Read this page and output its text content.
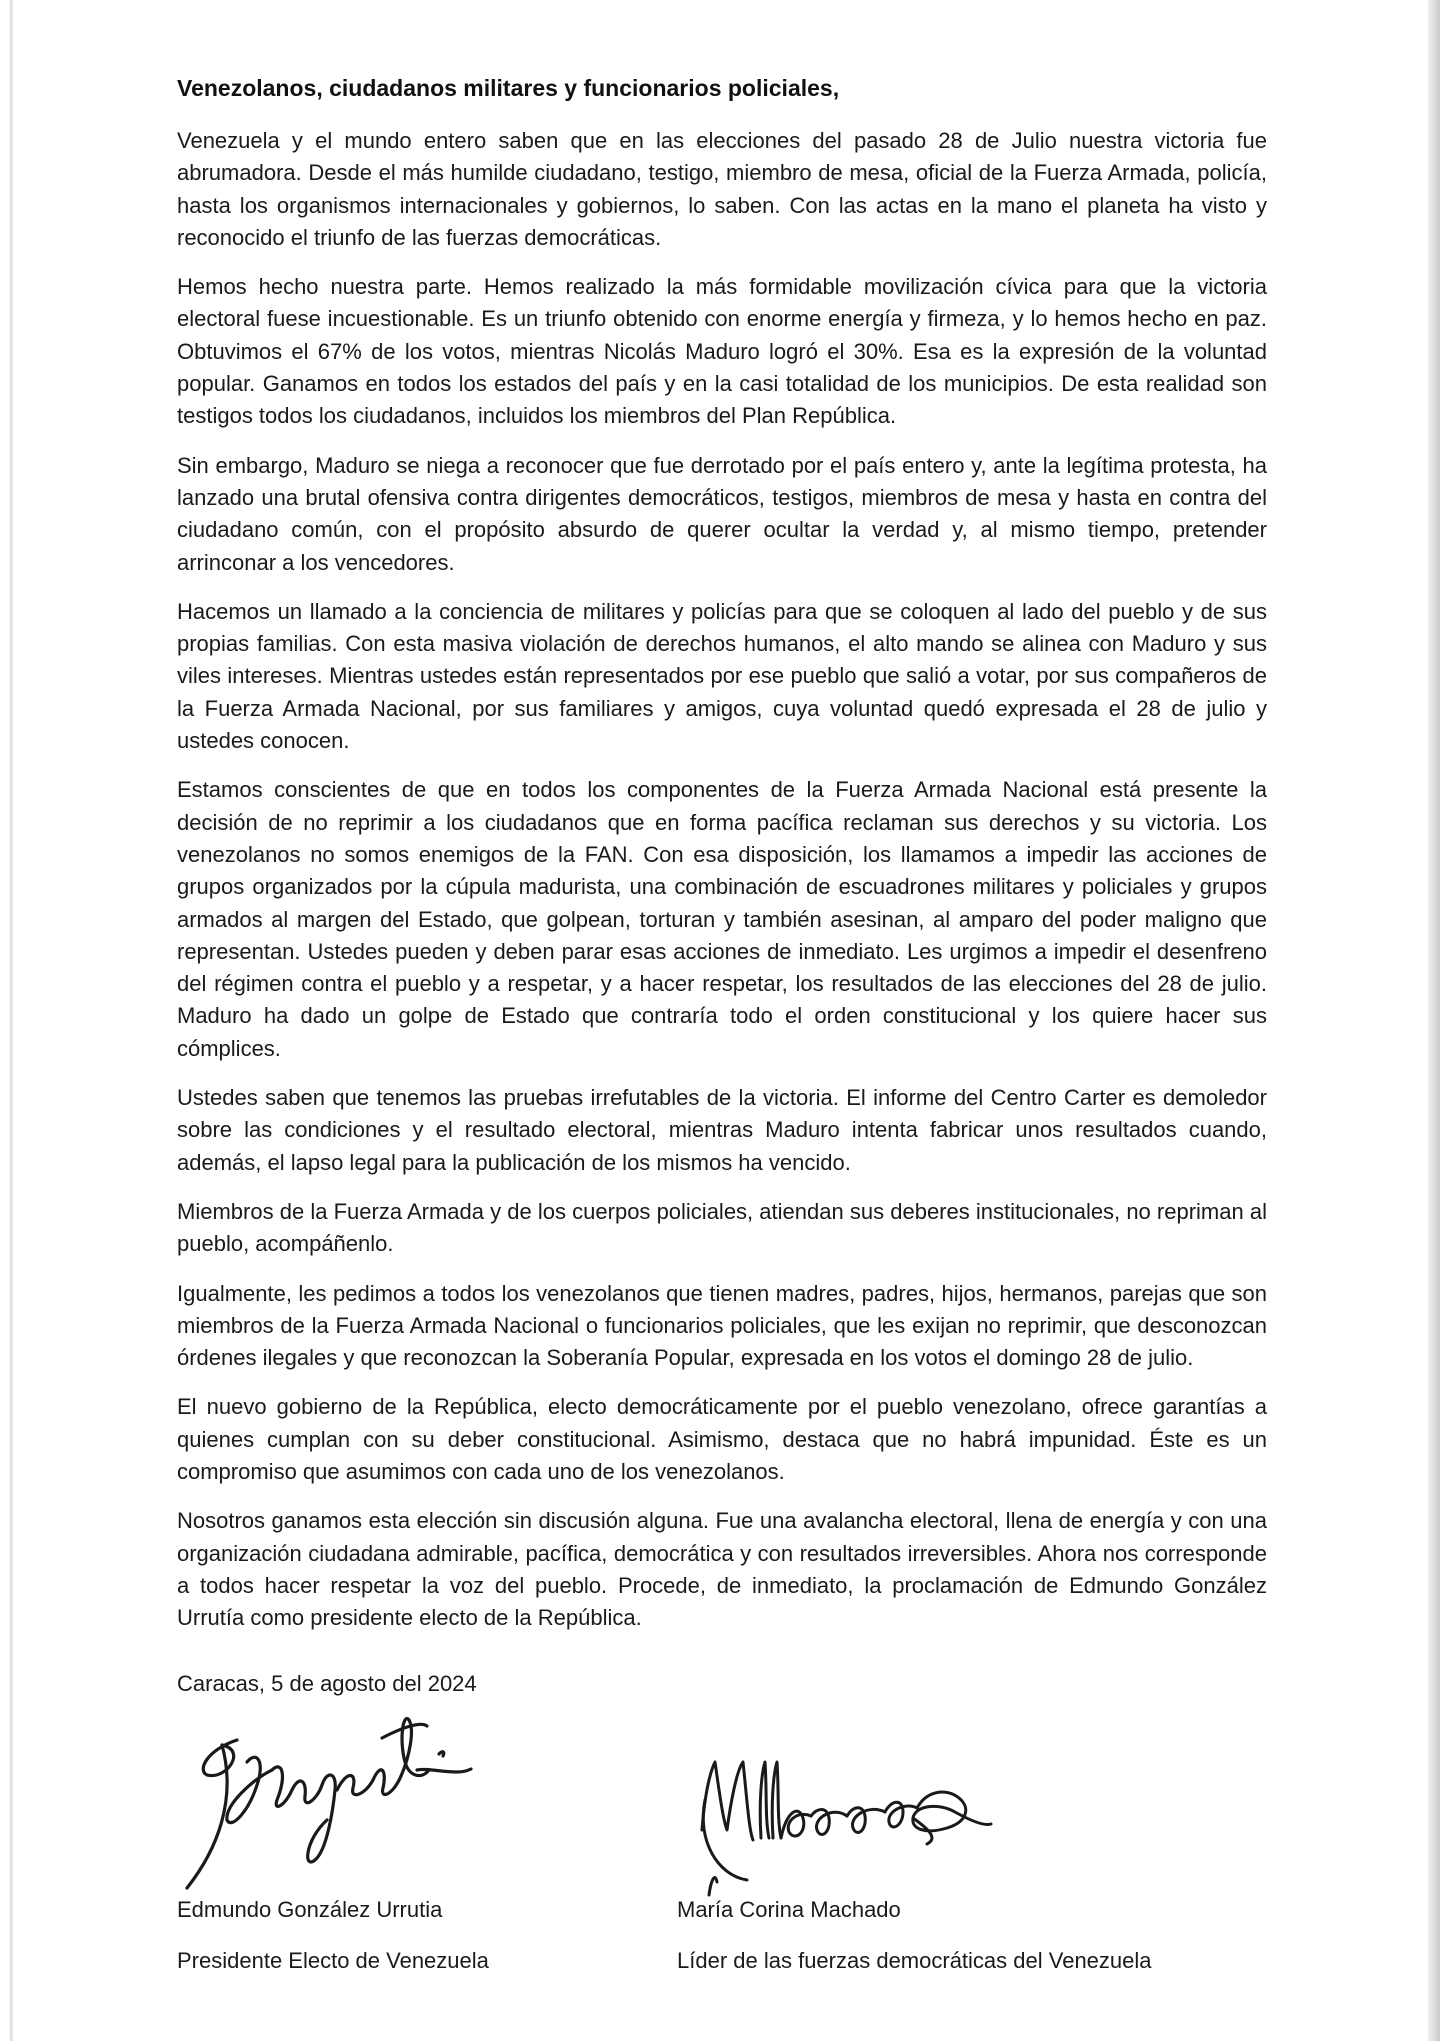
Venezolanos, ciudadanos militares y funcionarios policiales,

Venezuela y el mundo entero saben que en las elecciones del pasado 28 de Julio nuestra victoria fue abrumadora. Desde el más humilde ciudadano, testigo, miembro de mesa, oficial de la Fuerza Armada, policía, hasta los organismos internacionales y gobiernos, lo saben. Con las actas en la mano el planeta ha visto y reconocido el triunfo de las fuerzas democráticas.

Hemos hecho nuestra parte. Hemos realizado la más formidable movilización cívica para que la victoria electoral fuese incuestionable. Es un triunfo obtenido con enorme energía y firmeza, y lo hemos hecho en paz. Obtuvimos el 67% de los votos, mientras Nicolás Maduro logró el 30%. Esa es la expresión de la voluntad popular. Ganamos en todos los estados del país y en la casi totalidad de los municipios. De esta realidad son testigos todos los ciudadanos, incluidos los miembros del Plan República.

Sin embargo, Maduro se niega a reconocer que fue derrotado por el país entero y, ante la legítima protesta, ha lanzado una brutal ofensiva contra dirigentes democráticos, testigos, miembros de mesa y hasta en contra del ciudadano común, con el propósito absurdo de querer ocultar la verdad y, al mismo tiempo, pretender arrinconar a los vencedores.

Hacemos un llamado a la conciencia de militares y policías para que se coloquen al lado del pueblo y de sus propias familias. Con esta masiva violación de derechos humanos, el alto mando se alinea con Maduro y sus viles intereses. Mientras ustedes están representados por ese pueblo que salió a votar, por sus compañeros de la Fuerza Armada Nacional, por sus familiares y amigos, cuya voluntad quedó expresada el 28 de julio y ustedes conocen.

Estamos conscientes de que en todos los componentes de la Fuerza Armada Nacional está presente la decisión de no reprimir a los ciudadanos que en forma pacífica reclaman sus derechos y su victoria. Los venezolanos no somos enemigos de la FAN. Con esa disposición, los llamamos a impedir las acciones de grupos organizados por la cúpula madurista, una combinación de escuadrones militares y policiales y grupos armados al margen del Estado, que golpean, torturan y también asesinan, al amparo del poder maligno que representan. Ustedes pueden y deben parar esas acciones de inmediato. Les urgimos a impedir el desenfreno del régimen contra el pueblo y a respetar, y a hacer respetar, los resultados de las elecciones del 28 de julio. Maduro ha dado un golpe de Estado que contraría todo el orden constitucional y los quiere hacer sus cómplices.

Ustedes saben que tenemos las pruebas irrefutables de la victoria. El informe del Centro Carter es demoledor sobre las condiciones y el resultado electoral, mientras Maduro intenta fabricar unos resultados cuando, además, el lapso legal para la publicación de los mismos ha vencido.

Miembros de la Fuerza Armada y de los cuerpos policiales, atiendan sus deberes institucionales, no repriman al pueblo, acompáñenlo.

Igualmente, les pedimos a todos los venezolanos que tienen madres, padres, hijos, hermanos, parejas que son miembros de la Fuerza Armada Nacional o funcionarios policiales, que les exijan no reprimir, que desconozcan órdenes ilegales y que reconozcan la Soberanía Popular, expresada en los votos el domingo 28 de julio.

El nuevo gobierno de la República, electo democráticamente por el pueblo venezolano, ofrece garantías a quienes cumplan con su deber constitucional. Asimismo, destaca que no habrá impunidad. Éste es un compromiso que asumimos con cada uno de los venezolanos.

Nosotros ganamos esta elección sin discusión alguna. Fue una avalancha electoral, llena de energía y con una organización ciudadana admirable, pacífica, democrática y con resultados irreversibles. Ahora nos corresponde a todos hacer respetar la voz del pueblo. Procede, de inmediato, la proclamación de Edmundo González Urrutía como presidente electo de la República.

Caracas, 5 de agosto del 2024

Edmundo González Urrutia
Presidente Electo de Venezuela
María Corina Machado
Líder de las fuerzas democráticas del Venezuela
